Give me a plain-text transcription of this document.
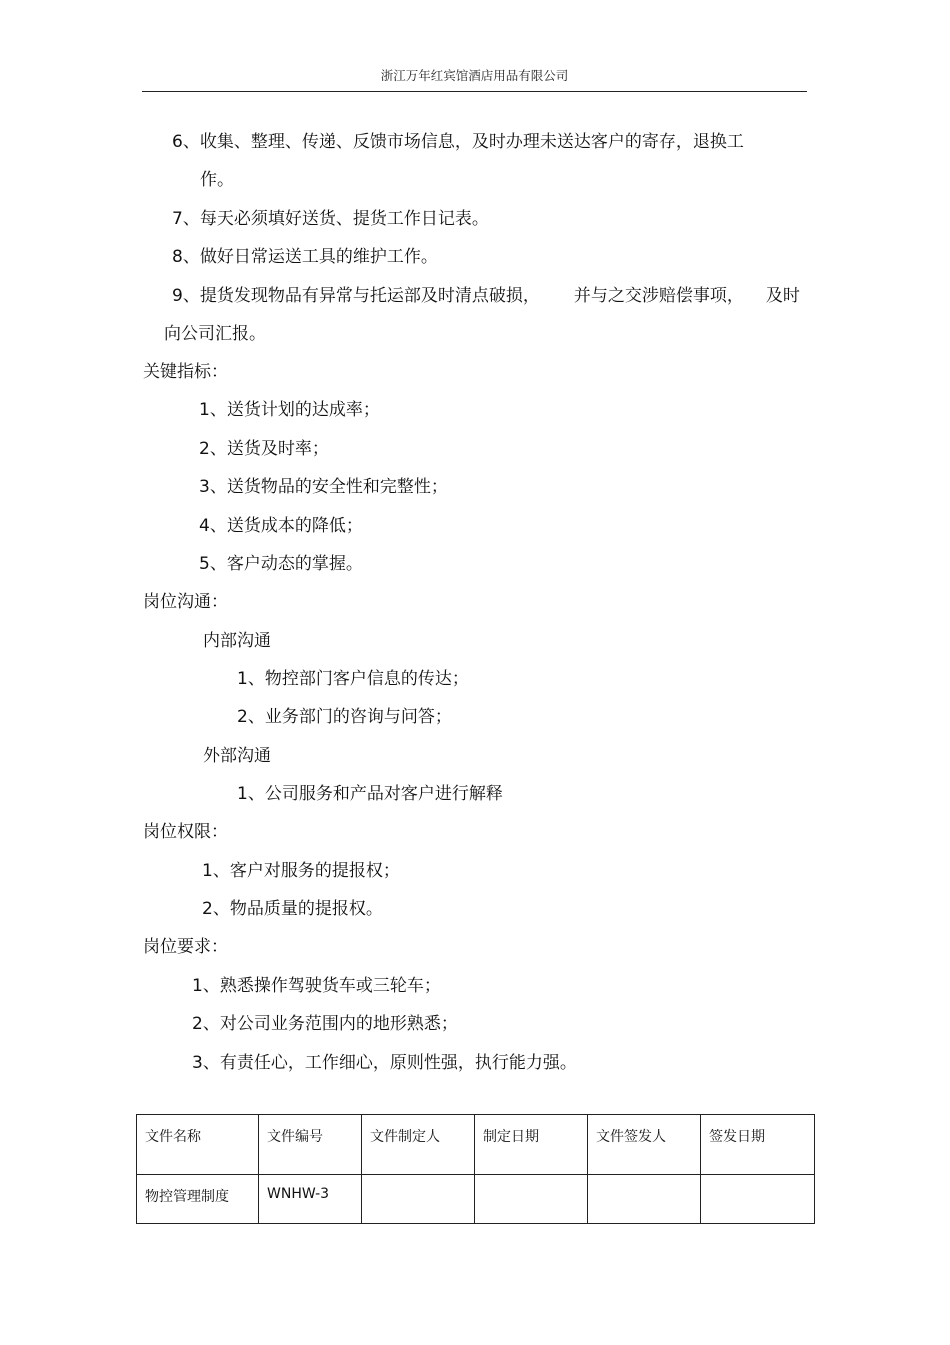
浙江万年红宾馆酒店用品有限公司
6、收集、整理、传递、反馈市场信息，及时办理未送达客户的寄存，退换工
作。
7、每天必须填好送货、提货工作日记表。
8、做好日常运送工具的维护工作。
9、提货发现物品有异常与托运部及时清点破损， 并与之交涉赔偿事项， 及时
向公司汇报。
关键指标：
1、送货计划的达成率；
2、送货及时率；
3、送货物品的安全性和完整性；
4、送货成本的降低；
5、客户动态的掌握。
岗位沟通：
内部沟通
1、物控部门客户信息的传达；
2、业务部门的咨询与问答；
外部沟通
1、公司服务和产品对客户进行解释
岗位权限：
1、客户对服务的提报权；
2、物品质量的提报权。
岗位要求：
1、熟悉操作驾驶货车或三轮车；
2、对公司业务范围内的地形熟悉；
3、有责任心，工作细心，原则性强，执行能力强。
文件名称	文件编号	文件制定人	制定日期	文件签发人	签发日期
物控管理制度	WNHW-3				
